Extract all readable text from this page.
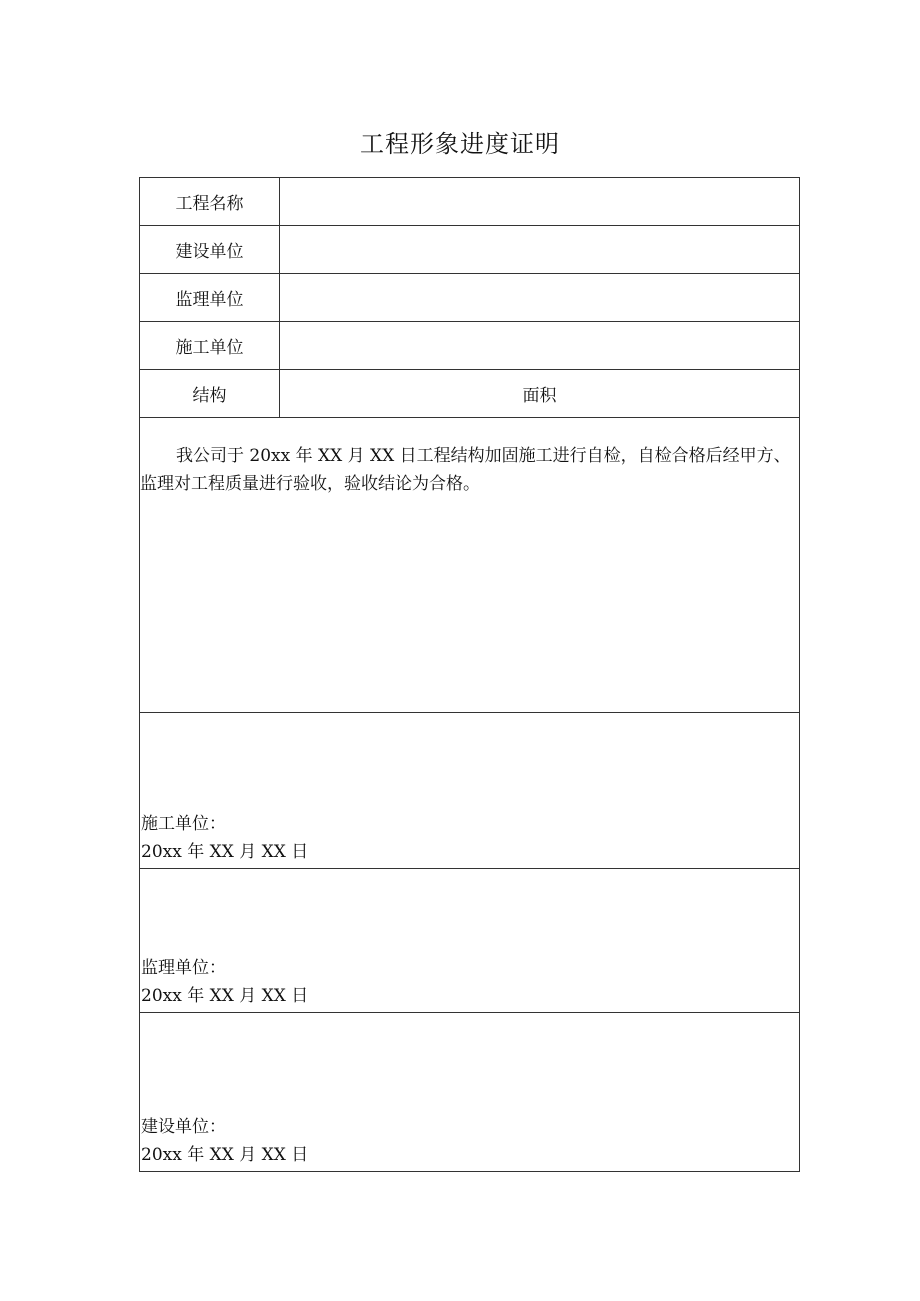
工程形象进度证明
工程名称	
建设单位	
监理单位	
施工单位	
结构	面积

我公司于 20xx 年 XX 月 XX 日工程结构加固施工进行自检，自检合格后经甲方、监理对工程质量进行验收，验收结论为合格。	

施工单位：
20xx 年 XX 月 XX 日	

监理单位：
20xx 年 XX 月 XX 日	

建设单位：
20xx 年 XX 月 XX 日	
